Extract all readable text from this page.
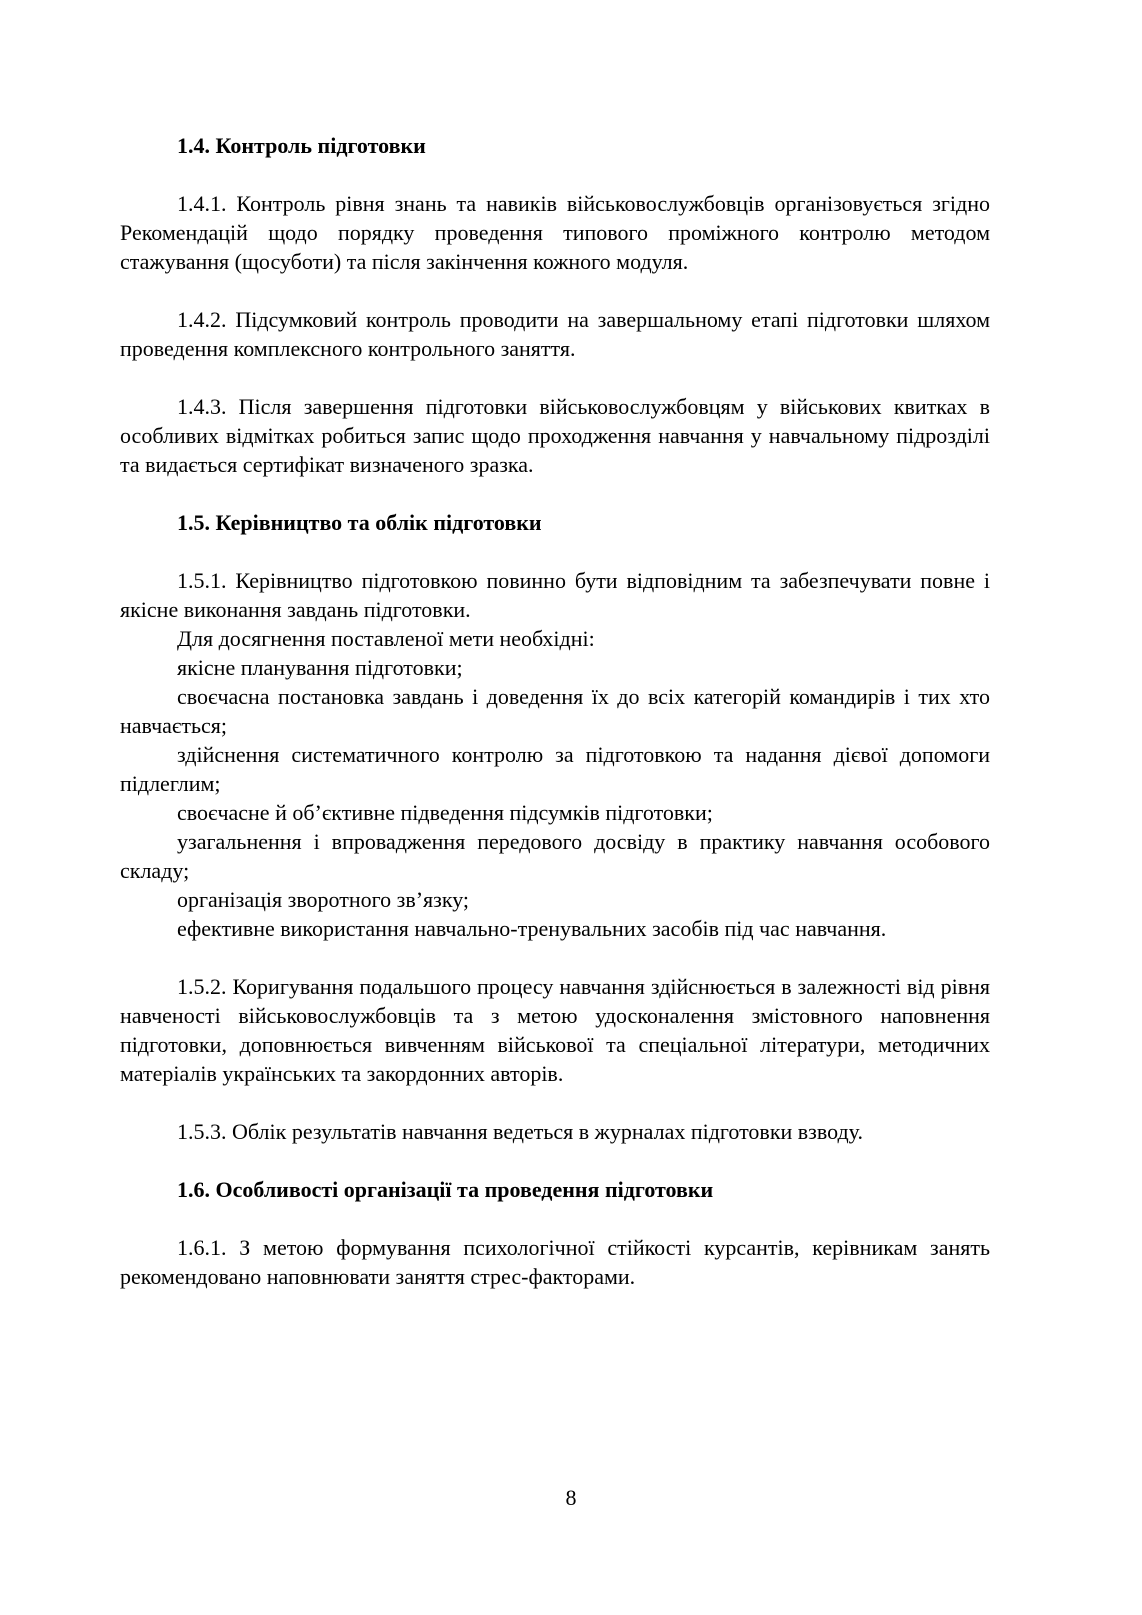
1.4. Контроль підготовки

1.4.1. Контроль рівня знань та навиків військовослужбовців організовується згідно Рекомендацій щодо порядку проведення типового проміжного контролю методом стажування (щосуботи) та після закінчення кожного модуля.

1.4.2. Підсумковий контроль проводити на завершальному етапі підготовки шляхом проведення комплексного контрольного заняття.

1.4.3. Після завершення підготовки військовослужбовцям у військових квитках в особливих відмітках робиться запис щодо проходження навчання у навчальному підрозділі та видається сертифікат визначеного зразка.

1.5. Керівництво та облік підготовки

1.5.1. Керівництво підготовкою повинно бути відповідним та забезпечувати повне і якісне виконання завдань підготовки.

Для досягнення поставленої мети необхідні:

якісне планування підготовки;

своєчасна постановка завдань і доведення їх до всіх категорій командирів і тих хто навчається;

здійснення систематичного контролю за підготовкою та надання дієвої допомоги підлеглим;

своєчасне й об’єктивне підведення підсумків підготовки;

узагальнення і впровадження передового досвіду в практику навчання особового складу;

організація зворотного зв’язку;

ефективне використання навчально-тренувальних засобів під час навчання.

1.5.2. Коригування подальшого процесу навчання здійснюється в залежності від рівня навченості військовослужбовців та з метою удосконалення змістовного наповнення підготовки, доповнюється вивченням військової та спеціальної літератури, методичних матеріалів українських та закордонних авторів.

1.5.3. Облік результатів навчання ведеться в журналах підготовки взводу.

1.6. Особливості організації та проведення підготовки

1.6.1. З метою формування психологічної стійкості курсантів, керівникам занять рекомендовано наповнювати заняття стрес-факторами.

8
